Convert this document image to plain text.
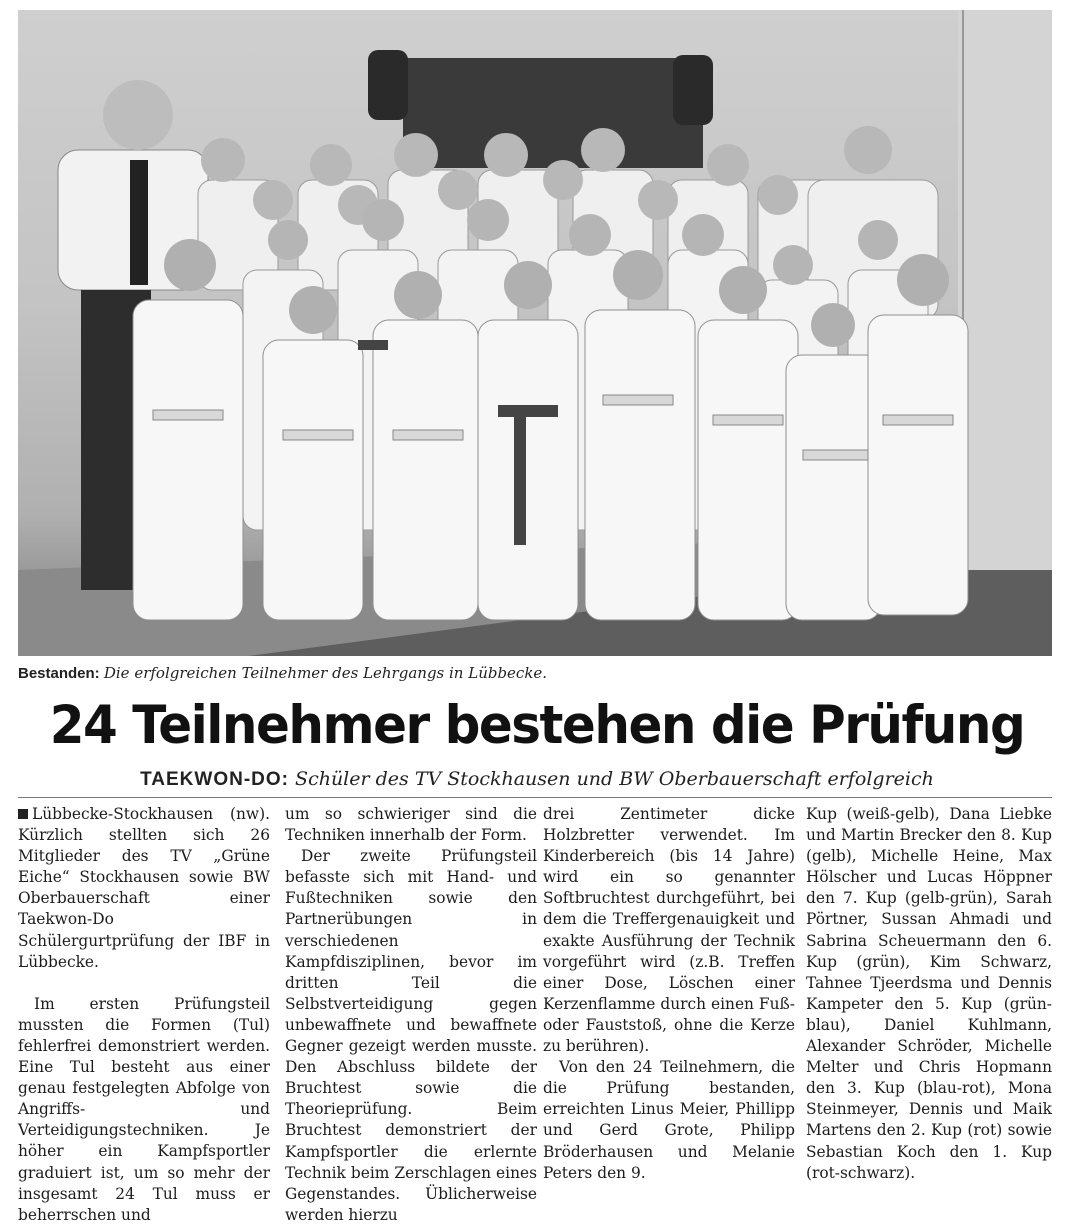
Bestanden: Die erfolgreichen Teilnehmer des Lehrgangs in Lübbecke.
24 Teilnehmer bestehen die Prüfung
TAEKWON-DO: Schüler des TV Stockhausen und BW Oberbauerschaft erfolgreich

Lübbecke-Stockhausen (nw). Kürzlich stellten sich 26 Mitglieder des TV „Grüne Eiche“ Stockhausen sowie BW Oberbauerschaft einer Taekwon-Do Schülergurtprüfung der IBF in Lübbecke.

Im ersten Prüfungsteil mussten die Formen (Tul) fehlerfrei demonstriert werden. Eine Tul besteht aus einer genau festgelegten Abfolge von Angriffs- und Verteidigungstechniken. Je höher ein Kampfsportler graduiert ist, um so mehr der insgesamt 24 Tul muss er beherrschen und

um so schwieriger sind die Techniken innerhalb der Form.

Der zweite Prüfungsteil befasste sich mit Hand- und Fußtechniken sowie den Partnerübungen in verschiedenen Kampfdisziplinen, bevor im dritten Teil die Selbstverteidigung gegen unbewaffnete und bewaffnete Gegner gezeigt werden musste. Den Abschluss bildete der Bruchtest sowie die Theorieprüfung. Beim Bruchtest demonstriert der Kampfsportler die erlernte Technik beim Zerschlagen eines Gegenstandes. Üblicherweise werden hierzu

drei Zentimeter dicke Holzbretter verwendet. Im Kinderbereich (bis 14 Jahre) wird ein so genannter Softbruchtest durchgeführt, bei dem die Treffergenauigkeit und exakte Ausführung der Technik vorgeführt wird (z.B. Treffen einer Dose, Löschen einer Kerzenflamme durch einen Fuß- oder Fauststoß, ohne die Kerze zu berühren).

Von den 24 Teilnehmern, die die Prüfung bestanden, erreichten Linus Meier, Phillipp und Gerd Grote, Philipp Bröderhausen und Melanie Peters den 9.

Kup (weiß-gelb), Dana Liebke und Martin Brecker den 8. Kup (gelb), Michelle Heine, Max Hölscher und Lucas Höppner den 7. Kup (gelb-grün), Sarah Pörtner, Sussan Ahmadi und Sabrina Scheuermann den 6. Kup (grün), Kim Schwarz, Tahnee Tjeerdsma und Dennis Kampeter den 5. Kup (grün-blau), Daniel Kuhlmann, Alexander Schröder, Michelle Melter und Chris Hopmann den 3. Kup (blau-rot), Mona Steinmeyer, Dennis und Maik Martens den 2. Kup (rot) sowie Sebastian Koch den 1. Kup (rot-schwarz).
